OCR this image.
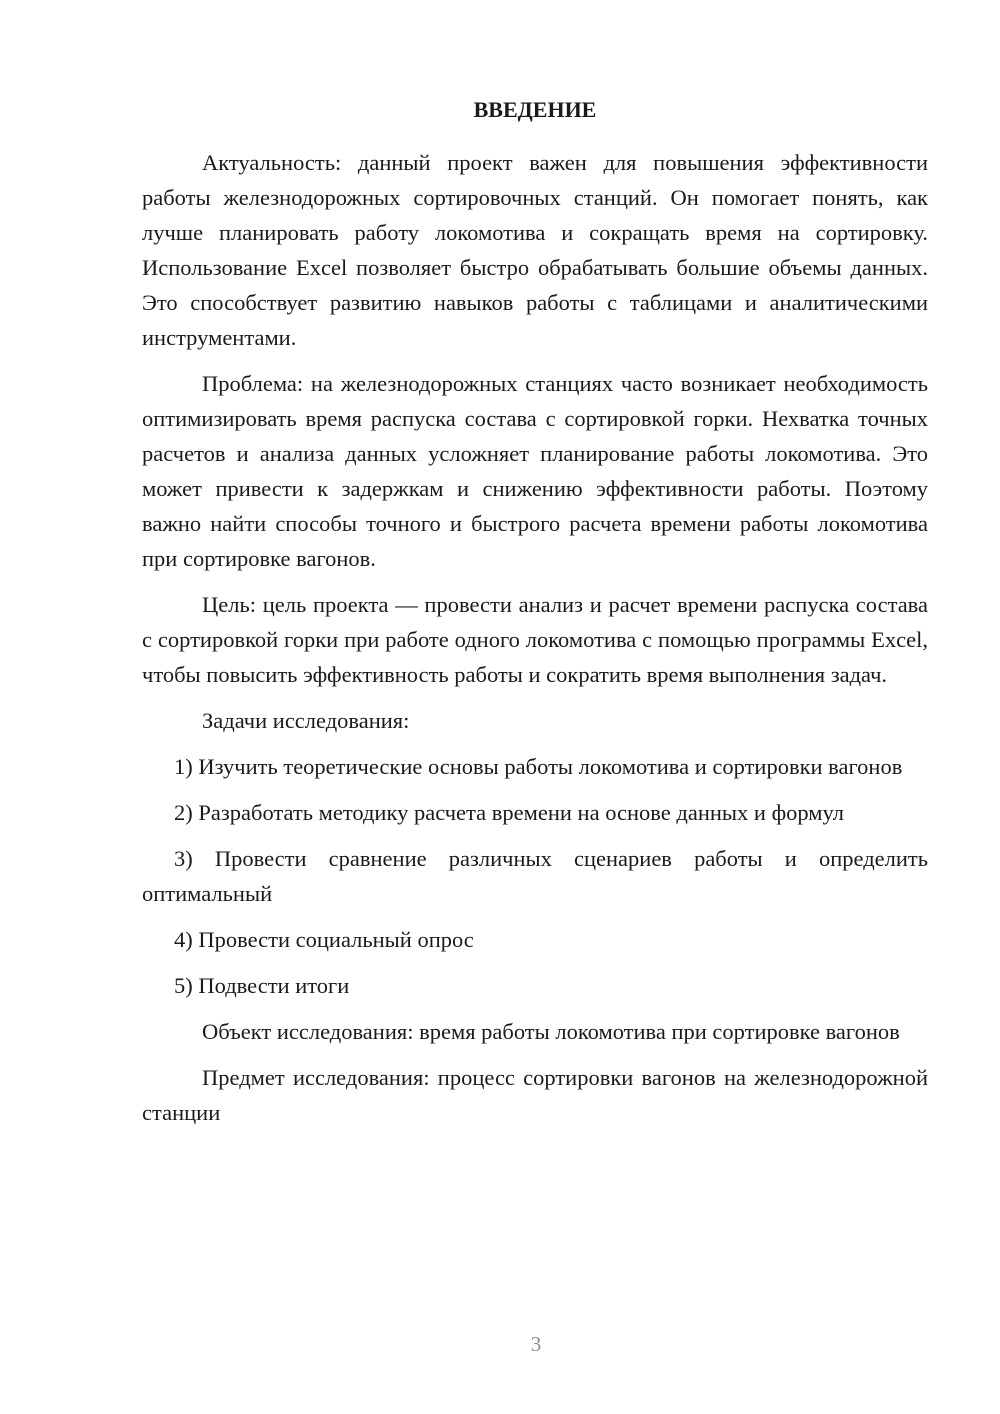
ВВЕДЕНИЕ

Актуальность: данный проект важен для повышения эффективности работы железнодорожных сортировочных станций. Он помогает понять, как лучше планировать работу локомотива и сокращать время на сортировку. Использование Excel позволяет быстро обрабатывать большие объемы данных. Это способствует развитию навыков работы с таблицами и аналитическими инструментами.

Проблема: на железнодорожных станциях часто возникает необходимость оптимизировать время распуска состава с сортировкой горки. Нехватка точных расчетов и анализа данных усложняет планирование работы локомотива. Это может привести к задержкам и снижению эффективности работы. Поэтому важно найти способы точного и быстрого расчета времени работы локомотива при сортировке вагонов.

Цель: цель проекта — провести анализ и расчет времени распуска состава с сортировкой горки при работе одного локомотива с помощью программы Excel, чтобы повысить эффективность работы и сократить время выполнения задач.

Задачи исследования:

1) Изучить теоретические основы работы локомотива и сортировки вагонов

2) Разработать методику расчета времени на основе данных и формул

3) Провести сравнение различных сценариев работы и определить оптимальный

4) Провести социальный опрос

5) Подвести итоги

Объект исследования: время работы локомотива при сортировке вагонов

Предмет исследования: процесс сортировки вагонов на железнодорожной станции

3
